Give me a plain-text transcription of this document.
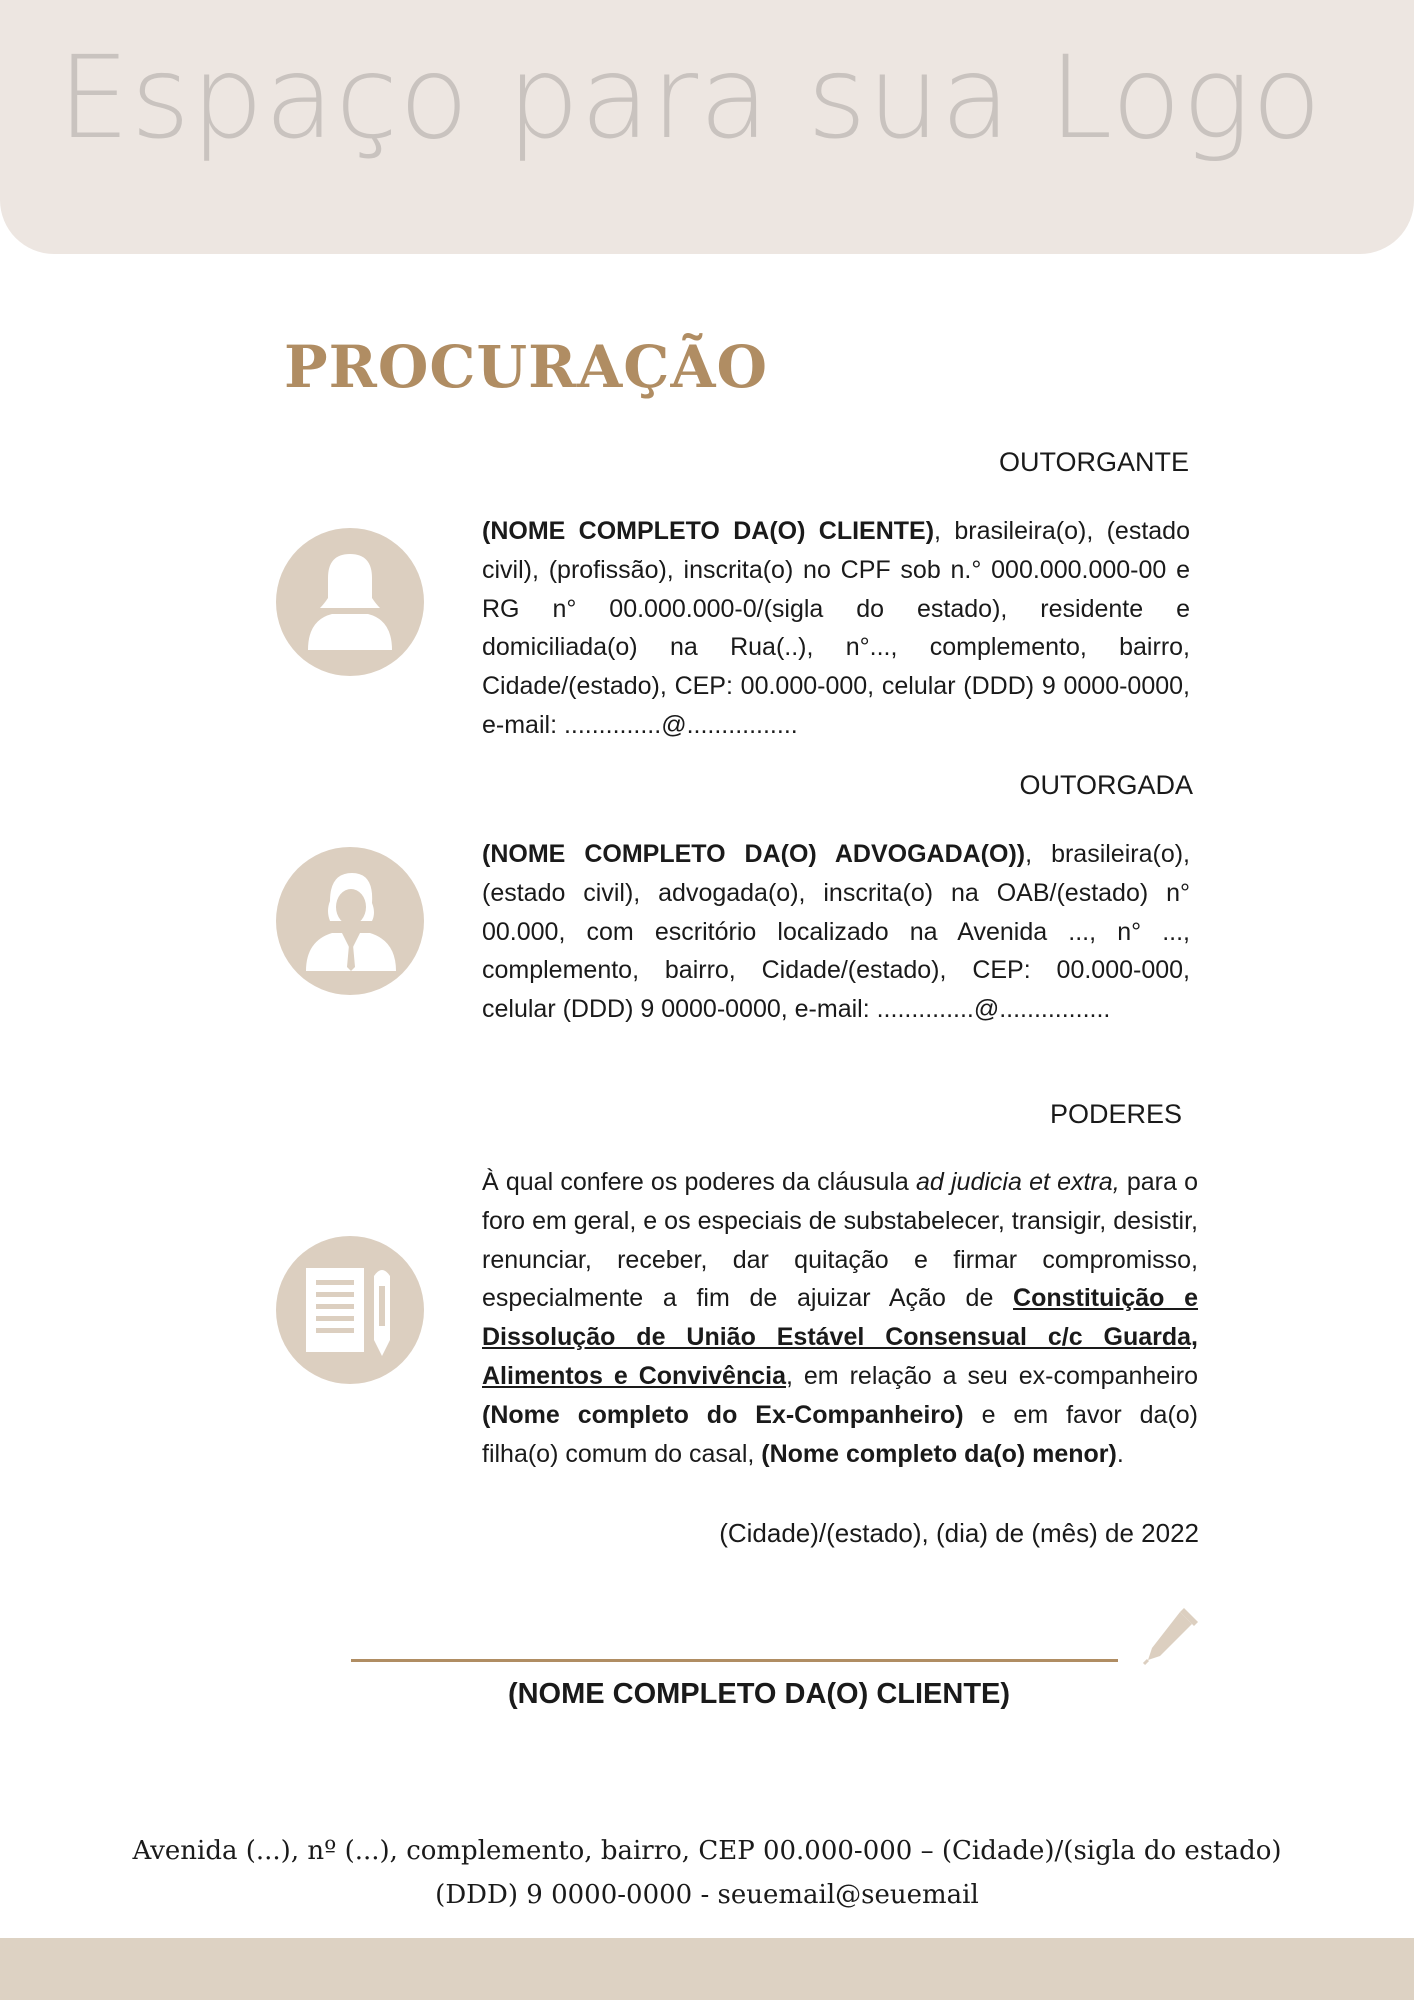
Espaço para sua Logo
PROCURAÇÃO
OUTORGANTE

(NOME COMPLETO DA(O) CLIENTE), brasileira(o), (estado civil), (profissão), inscrita(o) no CPF sob n.° 000.000.000-00 e RG n° 00.000.000-0/(sigla do estado), residente e domiciliada(o) na Rua(..), n°..., complemento, bairro, Cidade/(estado), CEP: 00.000-000, celular (DDD) 9 0000-0000, e-mail: ..............@................

OUTORGADA

(NOME COMPLETO DA(O) ADVOGADA(O)), brasileira(o), (estado civil), advogada(o), inscrita(o) na OAB/(estado) n° 00.000, com escritório localizado na Avenida ..., n° ..., complemento, bairro, Cidade/(estado), CEP: 00.000-000, celular (DDD) 9 0000-0000, e-mail: ..............@................

PODERES

À qual confere os poderes da cláusula ad judicia et extra, para o foro em geral, e os especiais de substabelecer, transigir, desistir, renunciar, receber, dar quitação e firmar compromisso, especialmente a fim de ajuizar Ação de Constituição e Dissolução de União Estável Consensual c/c Guarda, Alimentos e Convivência, em relação a seu ex-companheiro (Nome completo do Ex-Companheiro) e em favor da(o) filha(o) comum do casal, (Nome completo da(o) menor).

(Cidade)/(estado), (dia) de (mês) de 2022
(NOME COMPLETO DA(O) CLIENTE)
Avenida (...), nº (...), complemento, bairro, CEP 00.000-000 – (Cidade)/(sigla do estado)
(DDD) 9 0000-0000 - seuemail@seuemail
